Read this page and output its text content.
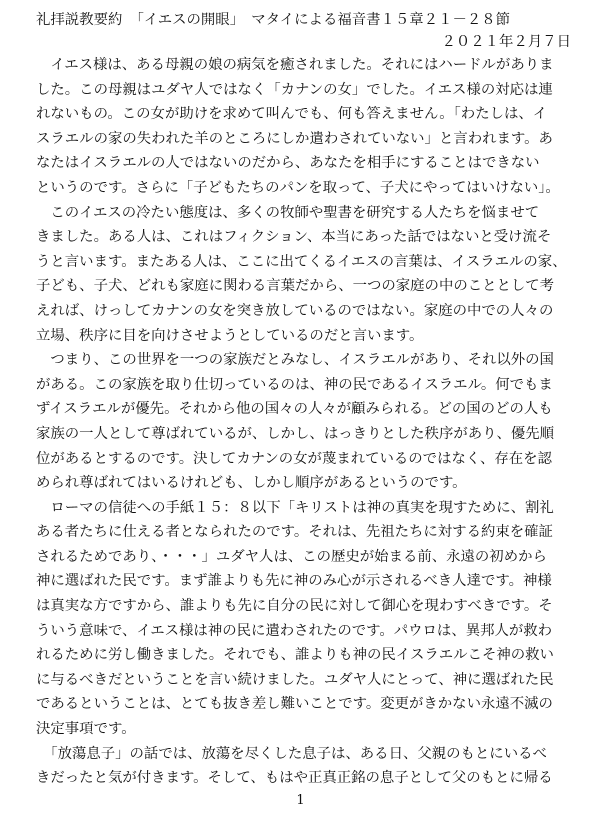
礼拝説教要約　「イエスの開眼」　マタイによる福音書１５章２１－２８節
２０２１年２月７日
　イエス様は、ある母親の娘の病気を癒されました。それにはハードルがありま
した。この母親はユダヤ人ではなく「カナンの女」でした。イエス様の対応は連
れないもの。この女が助けを求めて叫んでも、何も答えません。「わたしは、イ
スラエルの家の失われた羊のところにしか遣わされていない」と言われます。あ
なたはイスラエルの人ではないのだから、あなたを相手にすることはできない
というのです。さらに「子どもたちのパンを取って、子犬にやってはいけない」。
　このイエスの冷たい態度は、多くの牧師や聖書を研究する人たちを悩ませて
きました。ある人は、これはフィクション、本当にあった話ではないと受け流そ
うと言います。またある人は、ここに出てくるイエスの言葉は、イスラエルの家、
子ども、子犬、どれも家庭に関わる言葉だから、一つの家庭の中のこととして考
えれば、けっしてカナンの女を突き放しているのではない。家庭の中での人々の
立場、秩序に目を向けさせようとしているのだと言います。
　つまり、この世界を一つの家族だとみなし、イスラエルがあり、それ以外の国
がある。この家族を取り仕切っているのは、神の民であるイスラエル。何でもま
ずイスラエルが優先。それから他の国々の人々が顧みられる。どの国のどの人も
家族の一人として尊ばれているが、しかし、はっきりとした秩序があり、優先順
位があるとするのです。決してカナンの女が蔑まれているのではなく、存在を認
められ尊ばれてはいるけれども、しかし順序があるというのです。
　ローマの信徒への手紙１５：８以下「キリストは神の真実を現すために、割礼
ある者たちに仕える者となられたのです。それは、先祖たちに対する約束を確証
されるためであり、・・・」ユダヤ人は、この歴史が始まる前、永遠の初めから
神に選ばれた民です。まず誰よりも先に神のみ心が示されるべき人達です。神様
は真実な方ですから、誰よりも先に自分の民に対して御心を現わすべきです。そ
ういう意味で、イエス様は神の民に遣わされたのです。パウロは、異邦人が救わ
れるために労し働きました。それでも、誰よりも神の民イスラエルこそ神の救い
に与るべきだということを言い続けました。ユダヤ人にとって、神に選ばれた民
であるということは、とても抜き差し難いことです。変更がきかない永遠不滅の
決定事項です。
　「放蕩息子」の話では、放蕩を尽くした息子は、ある日、父親のもとにいるべ
きだったと気が付きます。そして、もはや正真正銘の息子として父のもとに帰る
1
